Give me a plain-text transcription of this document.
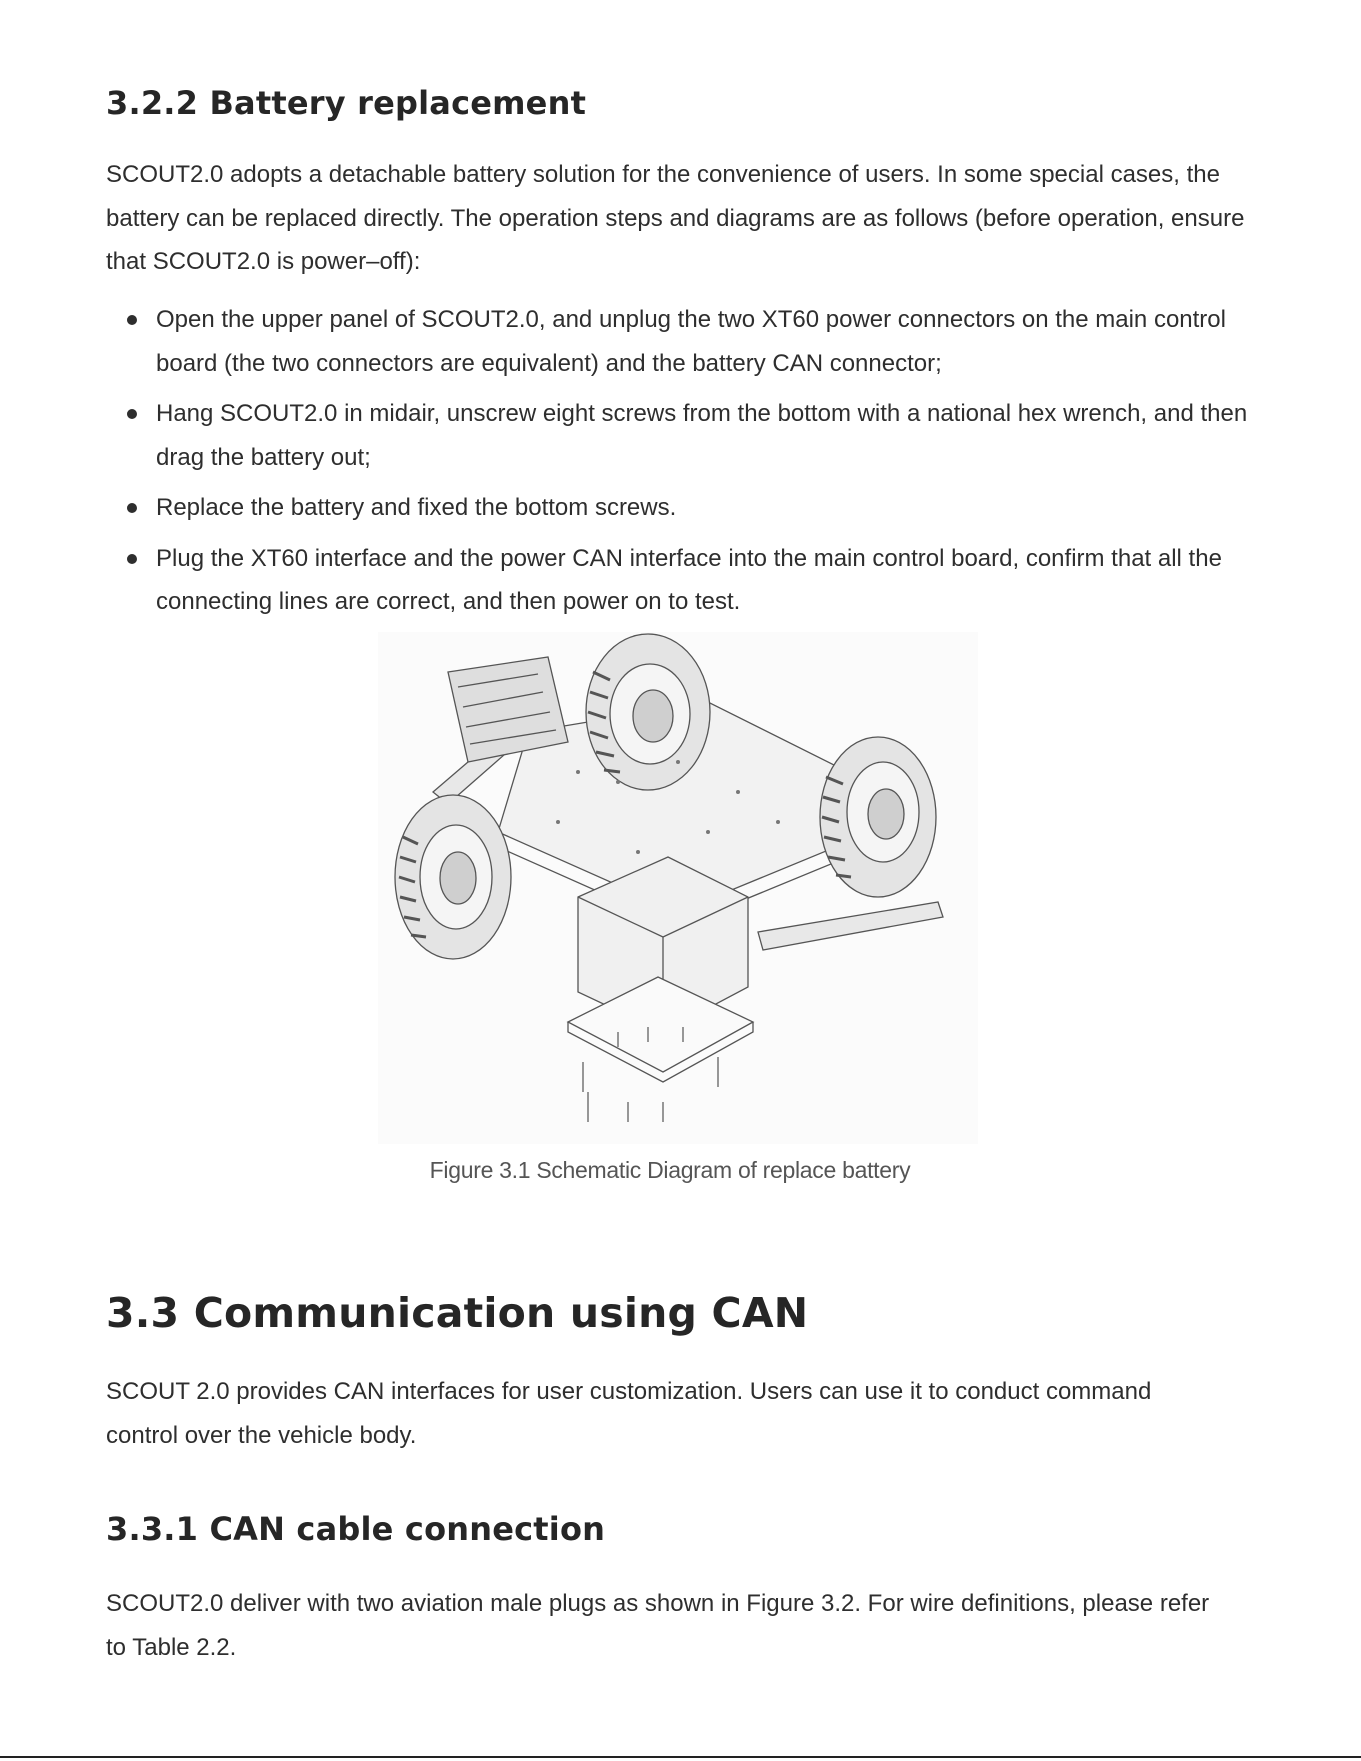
3.2.2 Battery replacement

SCOUT2.0 adopts a detachable battery solution for the convenience of users. In some special cases, the battery can be replaced directly. The operation steps and diagrams are as follows (before operation, ensure that SCOUT2.0 is power–off):

Open the upper panel of SCOUT2.0, and unplug the two XT60 power connectors on the main control board (the two connectors are equivalent) and the battery CAN connector;
Hang SCOUT2.0 in midair, unscrew eight screws from the bottom with a national hex wrench, and then drag the battery out;
Replace the battery and fixed the bottom screws.
Plug the XT60 interface and the power CAN interface into the main control board, confirm that all the connecting lines are correct, and then power on to test.
3.3 Communication using CAN

SCOUT 2.0 provides CAN interfaces for user customization. Users can use it to conduct command control over the vehicle body.

3.3.1 CAN cable connection

SCOUT2.0 deliver with two aviation male plugs as shown in Figure 3.2. For wire definitions, please refer to Table 2.2.

Figure 3.1 Schematic Diagram of replace battery
